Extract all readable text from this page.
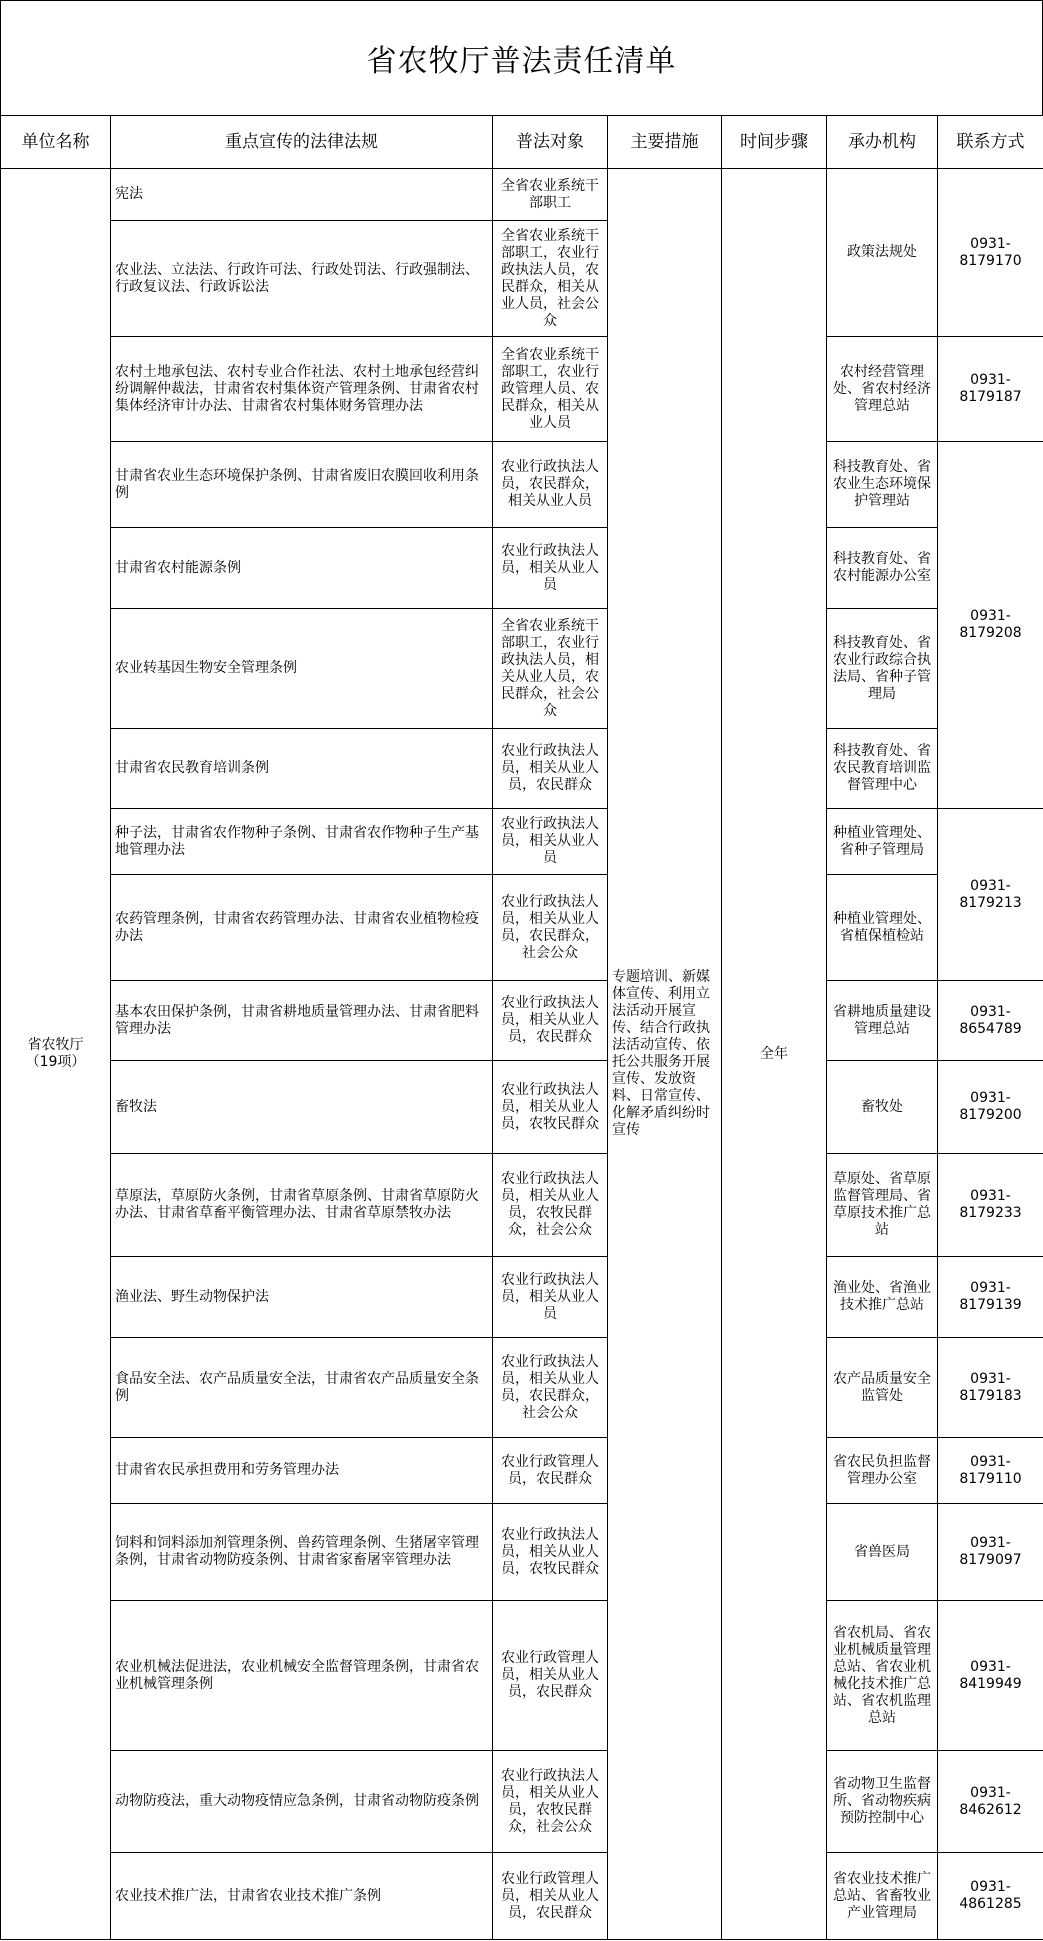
省农牧厅普法责任清单
单位名称	重点宣传的法律法规	普法对象	主要措施	时间步骤	承办机构	联系方式
省农牧厅
（19项）	宪法	全省农业系统干部职工	专题培训、新媒体宣传、利用立法活动开展宣传、结合行政执法活动宣传、依托公共服务开展宣传、发放资料、日常宣传、化解矛盾纠纷时宣传	全年	政策法规处	0931-8179170
	农业法、立法法、行政许可法、行政处罚法、行政强制法、行政复议法、行政诉讼法	全省农业系统干部职工，农业行政执法人员，农民群众，相关从业人员，社会公众				
	农村土地承包法、农村专业合作社法、农村土地承包经营纠纷调解仲裁法，甘肃省农村集体资产管理条例、甘肃省农村集体经济审计办法、甘肃省农村集体财务管理办法	全省农业系统干部职工，农业行政管理人员、农民群众，相关从业人员			农村经营管理处、省农村经济管理总站	0931-8179187
	甘肃省农业生态环境保护条例、甘肃省废旧农膜回收利用条例	农业行政执法人员，农民群众，相关从业人员			科技教育处、省农业生态环境保护管理站	0931-8179208
	甘肃省农村能源条例	农业行政执法人员，相关从业人员			科技教育处、省农村能源办公室	
	农业转基因生物安全管理条例	全省农业系统干部职工，农业行政执法人员，相关从业人员，农民群众，社会公众			科技教育处、省农业行政综合执法局、省种子管理局	
	甘肃省农民教育培训条例	农业行政执法人员，相关从业人员，农民群众			科技教育处、省农民教育培训监督管理中心	
	种子法，甘肃省农作物种子条例、甘肃省农作物种子生产基地管理办法	农业行政执法人员，相关从业人员			种植业管理处、省种子管理局	0931-8179213
	农药管理条例，甘肃省农药管理办法、甘肃省农业植物检疫办法	农业行政执法人员，相关从业人员，农民群众，社会公众			种植业管理处、省植保植检站	
	基本农田保护条例，甘肃省耕地质量管理办法、甘肃省肥料管理办法	农业行政执法人员，相关从业人员，农民群众			省耕地质量建设管理总站	0931-8654789
	畜牧法	农业行政执法人员，相关从业人员，农牧民群众			畜牧处	0931-8179200
	草原法，草原防火条例，甘肃省草原条例、甘肃省草原防火办法、甘肃省草畜平衡管理办法、甘肃省草原禁牧办法	农业行政执法人员，相关从业人员，农牧民群众，社会公众			草原处、省草原监督管理局、省草原技术推广总站	0931-8179233
	渔业法、野生动物保护法	农业行政执法人员，相关从业人员			渔业处、省渔业技术推广总站	0931-8179139
	食品安全法、农产品质量安全法，甘肃省农产品质量安全条例	农业行政执法人员，相关从业人员，农民群众，社会公众			农产品质量安全监管处	0931-8179183
	甘肃省农民承担费用和劳务管理办法	农业行政管理人员，农民群众			省农民负担监督管理办公室	0931-8179110
	饲料和饲料添加剂管理条例、兽药管理条例、生猪屠宰管理条例，甘肃省动物防疫条例、甘肃省家畜屠宰管理办法	农业行政执法人员，相关从业人员，农牧民群众			省兽医局	0931-8179097
	农业机械法促进法，农业机械安全监督管理条例，甘肃省农业机械管理条例	农业行政管理人员，相关从业人员，农民群众			省农机局、省农业机械质量管理总站、省农业机械化技术推广总站、省农机监理总站	0931-8419949
	动物防疫法，重大动物疫情应急条例，甘肃省动物防疫条例	农业行政执法人员，相关从业人员，农牧民群众，社会公众			省动物卫生监督所、省动物疾病预防控制中心	0931-8462612
	农业技术推广法，甘肃省农业技术推广条例	农业行政管理人员，相关从业人员，农民群众			省农业技术推广总站、省畜牧业产业管理局	0931-4861285
